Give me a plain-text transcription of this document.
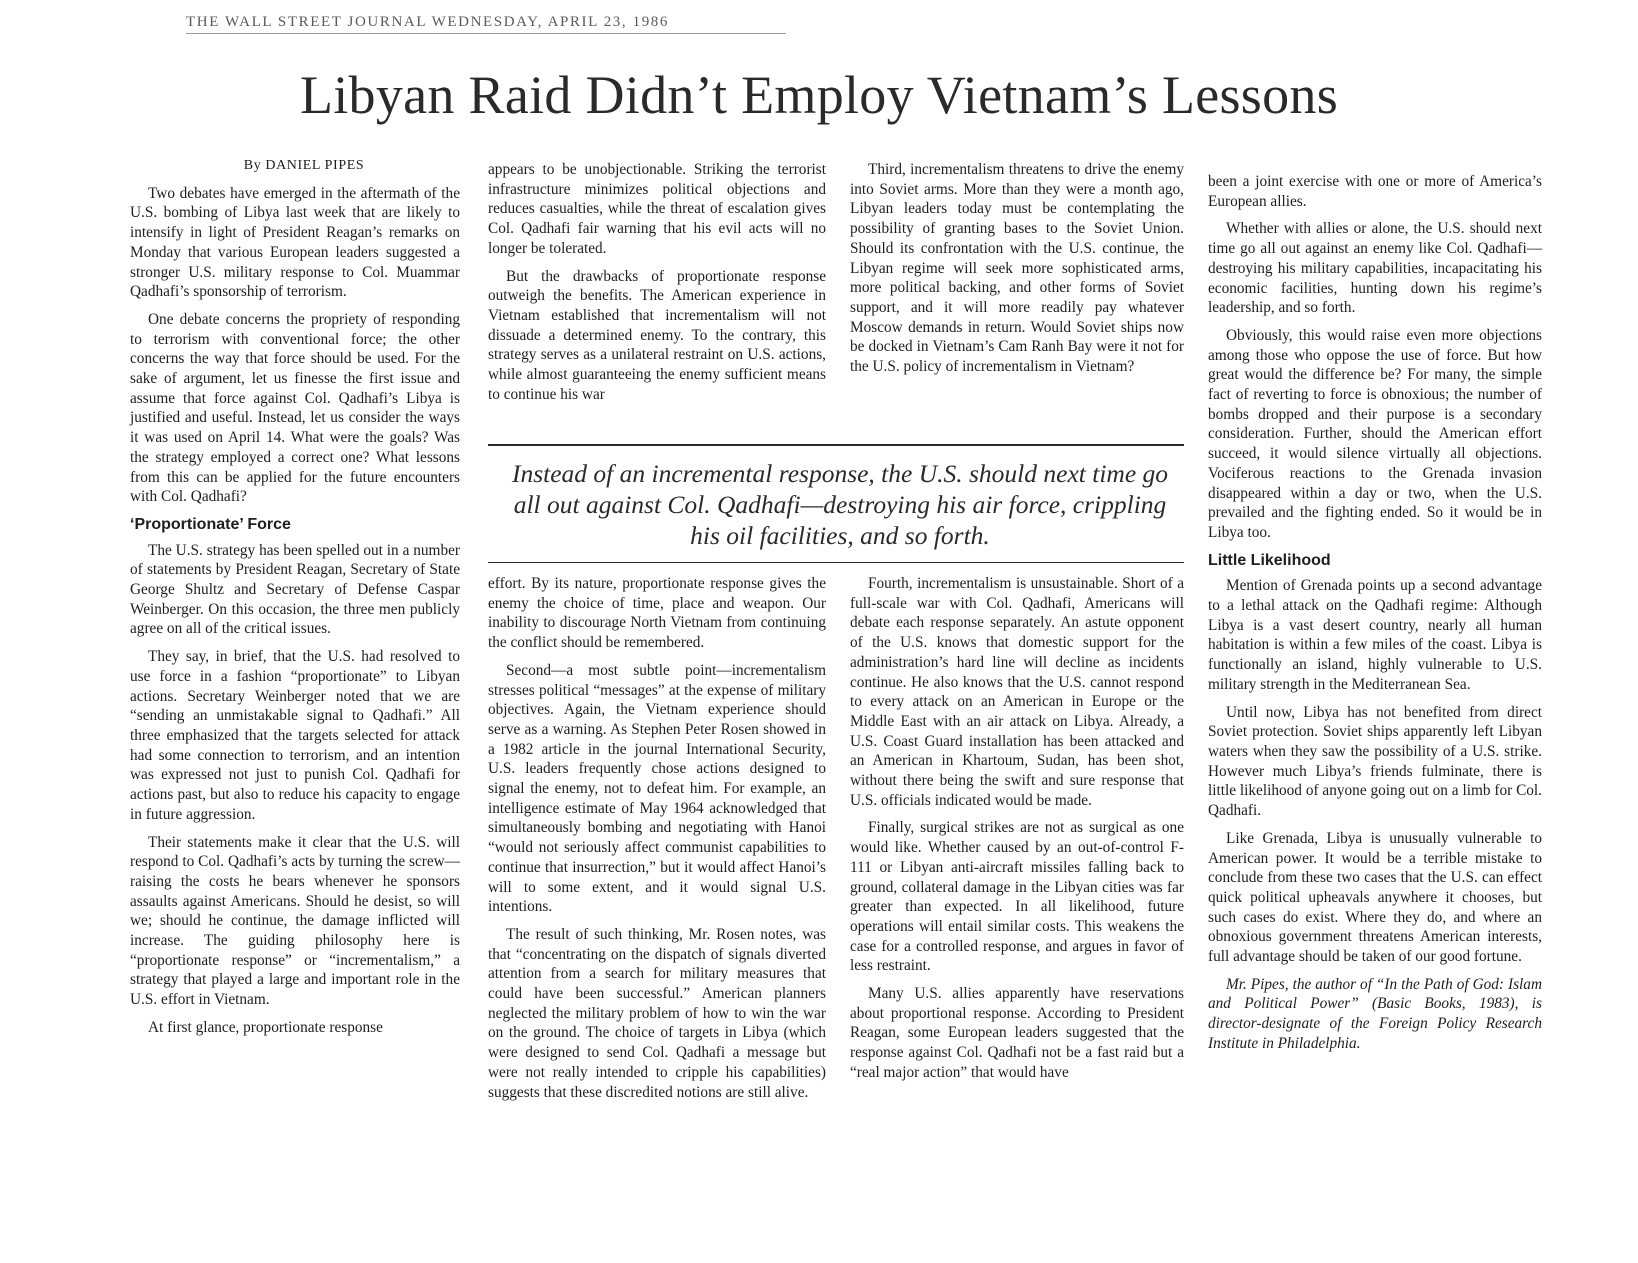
THE WALL STREET JOURNAL WEDNESDAY, APRIL 23, 1986
Libyan Raid Didn’t Employ Vietnam’s Lessons

By DANIEL PIPES

Two debates have emerged in the aftermath of the U.S. bombing of Libya last week that are likely to intensify in light of President Reagan’s remarks on Monday that various European leaders suggested a stronger U.S. military response to Col. Muammar Qadhafi’s sponsorship of terrorism.

One debate concerns the propriety of responding to terrorism with conventional force; the other concerns the way that force should be used. For the sake of argument, let us finesse the first issue and assume that force against Col. Qadhafi’s Libya is justified and useful. Instead, let us consider the ways it was used on April 14. What were the goals? Was the strategy employed a correct one? What lessons from this can be applied for the future encounters with Col. Qadhafi?

‘Proportionate’ Force

The U.S. strategy has been spelled out in a number of statements by President Reagan, Secretary of State George Shultz and Secretary of Defense Caspar Weinberger. On this occasion, the three men publicly agree on all of the critical issues.

They say, in brief, that the U.S. had resolved to use force in a fashion “proportionate” to Libyan actions. Secretary Weinberger noted that we are “sending an unmistakable signal to Qadhafi.” All three emphasized that the targets selected for attack had some connection to terrorism, and an intention was expressed not just to punish Col. Qadhafi for actions past, but also to reduce his capacity to engage in future aggression.

Their statements make it clear that the U.S. will respond to Col. Qadhafi’s acts by turning the screw—raising the costs he bears whenever he sponsors assaults against Americans. Should he desist, so will we; should he continue, the damage inflicted will increase. The guiding philosophy here is “proportionate response” or “incrementalism,” a strategy that played a large and important role in the U.S. effort in Vietnam.

At first glance, proportionate response

appears to be unobjectionable. Striking the terrorist infrastructure minimizes political objections and reduces casualties, while the threat of escalation gives Col. Qadhafi fair warning that his evil acts will no longer be tolerated.

But the drawbacks of proportionate response outweigh the benefits. The American experience in Vietnam established that incrementalism will not dissuade a determined enemy. To the contrary, this strategy serves as a unilateral restraint on U.S. actions, while almost guaranteeing the enemy sufficient means to continue his war

Third, incrementalism threatens to drive the enemy into Soviet arms. More than they were a month ago, Libyan leaders today must be contemplating the possibility of granting bases to the Soviet Union. Should its confrontation with the U.S. continue, the Libyan regime will seek more sophisticated arms, more political backing, and other forms of Soviet support, and it will more readily pay whatever Moscow demands in return. Would Soviet ships now be docked in Vietnam’s Cam Ranh Bay were it not for the U.S. policy of incrementalism in Vietnam?

Instead of an incremental response, the U.S. should next time go all out against Col. Qadhafi—destroying his air force, crippling his oil facilities, and so forth.

effort. By its nature, proportionate response gives the enemy the choice of time, place and weapon. Our inability to discourage North Vietnam from continuing the conflict should be remembered.

Second—a most subtle point—incrementalism stresses political “messages” at the expense of military objectives. Again, the Vietnam experience should serve as a warning. As Stephen Peter Rosen showed in a 1982 article in the journal International Security, U.S. leaders frequently chose actions designed to signal the enemy, not to defeat him. For example, an intelligence estimate of May 1964 acknowledged that simultaneously bombing and negotiating with Hanoi “would not seriously affect communist capabilities to continue that insurrection,” but it would affect Hanoi’s will to some extent, and it would signal U.S. intentions.

The result of such thinking, Mr. Rosen notes, was that “concentrating on the dispatch of signals diverted attention from a search for military measures that could have been successful.” American planners neglected the military problem of how to win the war on the ground. The choice of targets in Libya (which were designed to send Col. Qadhafi a message but were not really intended to cripple his capabilities) suggests that these discredited notions are still alive.

Fourth, incrementalism is unsustainable. Short of a full-scale war with Col. Qadhafi, Americans will debate each response separately. An astute opponent of the U.S. knows that domestic support for the administration’s hard line will decline as incidents continue. He also knows that the U.S. cannot respond to every attack on an American in Europe or the Middle East with an air attack on Libya. Already, a U.S. Coast Guard installation has been attacked and an American in Khartoum, Sudan, has been shot, without there being the swift and sure response that U.S. officials indicated would be made.

Finally, surgical strikes are not as surgical as one would like. Whether caused by an out-of-control F-111 or Libyan anti-aircraft missiles falling back to ground, collateral damage in the Libyan cities was far greater than expected. In all likelihood, future operations will entail similar costs. This weakens the case for a controlled response, and argues in favor of less restraint.

Many U.S. allies apparently have reservations about proportional response. According to President Reagan, some European leaders suggested that the response against Col. Qadhafi not be a fast raid but a “real major action” that would have

been a joint exercise with one or more of America’s European allies.

Whether with allies or alone, the U.S. should next time go all out against an enemy like Col. Qadhafi—destroying his military capabilities, incapacitating his economic facilities, hunting down his regime’s leadership, and so forth.

Obviously, this would raise even more objections among those who oppose the use of force. But how great would the difference be? For many, the simple fact of reverting to force is obnoxious; the number of bombs dropped and their purpose is a secondary consideration. Further, should the American effort succeed, it would silence virtually all objections. Vociferous reactions to the Grenada invasion disappeared within a day or two, when the U.S. prevailed and the fighting ended. So it would be in Libya too.

Little Likelihood

Mention of Grenada points up a second advantage to a lethal attack on the Qadhafi regime: Although Libya is a vast desert country, nearly all human habitation is within a few miles of the coast. Libya is functionally an island, highly vulnerable to U.S. military strength in the Mediterranean Sea.

Until now, Libya has not benefited from direct Soviet protection. Soviet ships apparently left Libyan waters when they saw the possibility of a U.S. strike. However much Libya’s friends fulminate, there is little likelihood of anyone going out on a limb for Col. Qadhafi.

Like Grenada, Libya is unusually vulnerable to American power. It would be a terrible mistake to conclude from these two cases that the U.S. can effect quick political upheavals anywhere it chooses, but such cases do exist. Where they do, and where an obnoxious government threatens American interests, full advantage should be taken of our good fortune.

Mr. Pipes, the author of “In the Path of God: Islam and Political Power” (Basic Books, 1983), is director-designate of the Foreign Policy Research Institute in Philadelphia.
